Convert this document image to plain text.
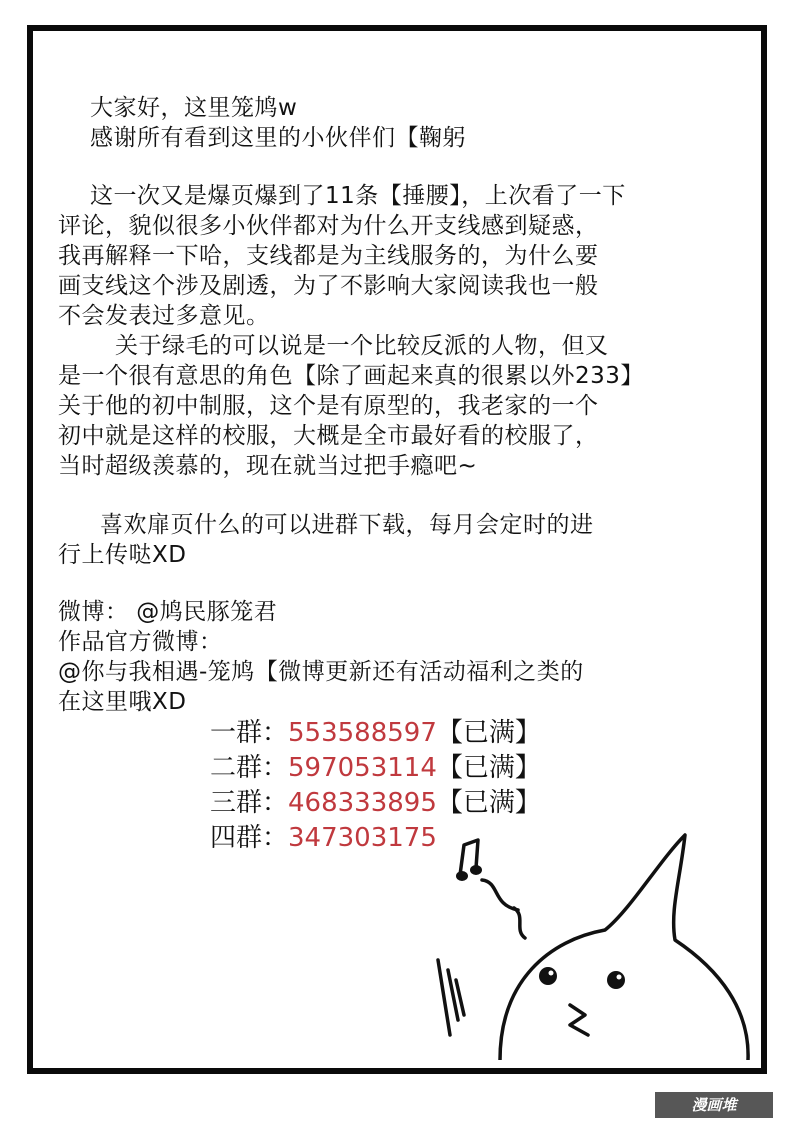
大家好，这里笼鸠w
感谢所有看到这里的小伙伴们【鞠躬
这一次又是爆页爆到了11条【捶腰】，上次看了一下
评论，貌似很多小伙伴都对为什么开支线感到疑惑，
我再解释一下哈，支线都是为主线服务的，为什么要
画支线这个涉及剧透，为了不影响大家阅读我也一般
不会发表过多意见。
关于绿毛的可以说是一个比较反派的人物，但又
是一个很有意思的角色【除了画起来真的很累以外233】
关于他的初中制服，这个是有原型的，我老家的一个
初中就是这样的校服，大概是全市最好看的校服了，
当时超级羡慕的，现在就当过把手瘾吧~
喜欢扉页什么的可以进群下载，每月会定时的进
行上传哒XD
微博： @鸠民豚笼君
作品官方微博：
@你与我相遇-笼鸠【微博更新还有活动福利之类的
在这里哦XD
一群：553588597【已满】
二群：597053114【已满】
三群：468333895【已满】
四群：347303175
漫画堆
